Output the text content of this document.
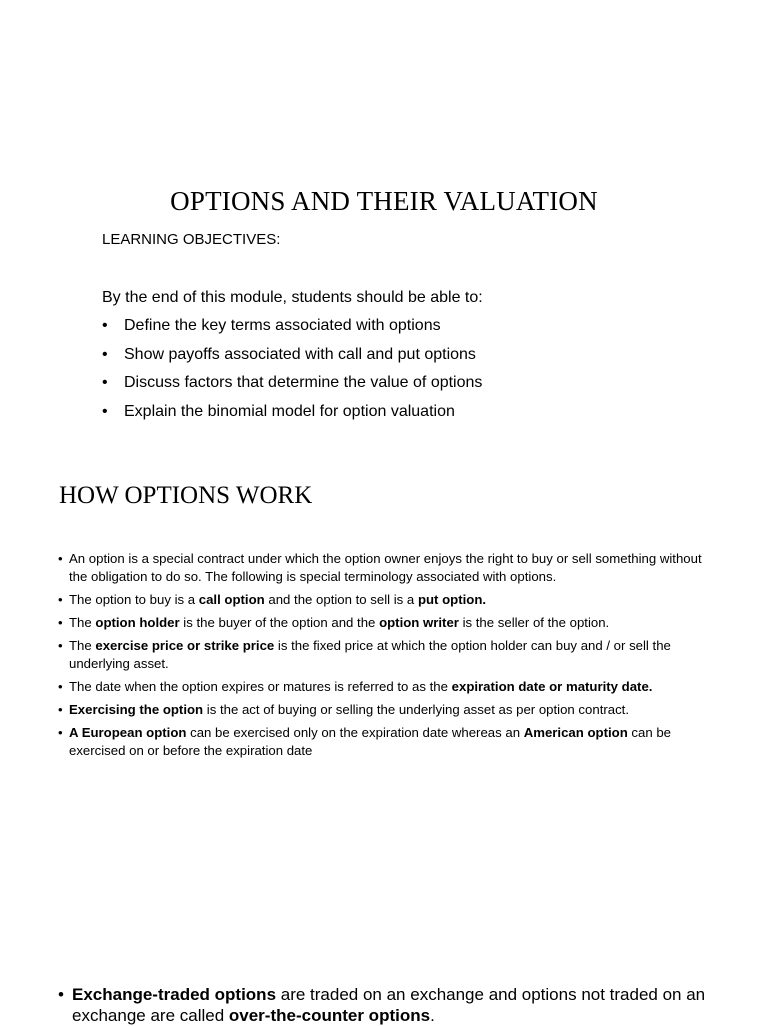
OPTIONS AND THEIR VALUATION
LEARNING OBJECTIVES:
By the end of this module, students should be able to:
• Define the key terms associated with options
• Show payoffs associated with call and put options
• Discuss factors that determine the value of options
• Explain the binomial model for option valuation
HOW OPTIONS WORK
• An option is a special contract under which the option owner enjoys the right to buy or sell something without the obligation to do so. The following is special terminology associated with options.
• The option to buy is a call option and the option to sell is a put option.
• The option holder is the buyer of the option and the option writer is the seller of the option.
• The exercise price or strike price is the fixed price at which the option holder can buy and / or sell the underlying asset.
• The date when the option expires or matures is referred to as the expiration date or maturity date.
• Exercising the option is the act of buying or selling the underlying asset as per option contract.
• A European option can be exercised only on the expiration date whereas an American option can be exercised on or before the expiration date
• Exchange-traded options are traded on an exchange and options not traded on an exchange are called over-the-counter options.
